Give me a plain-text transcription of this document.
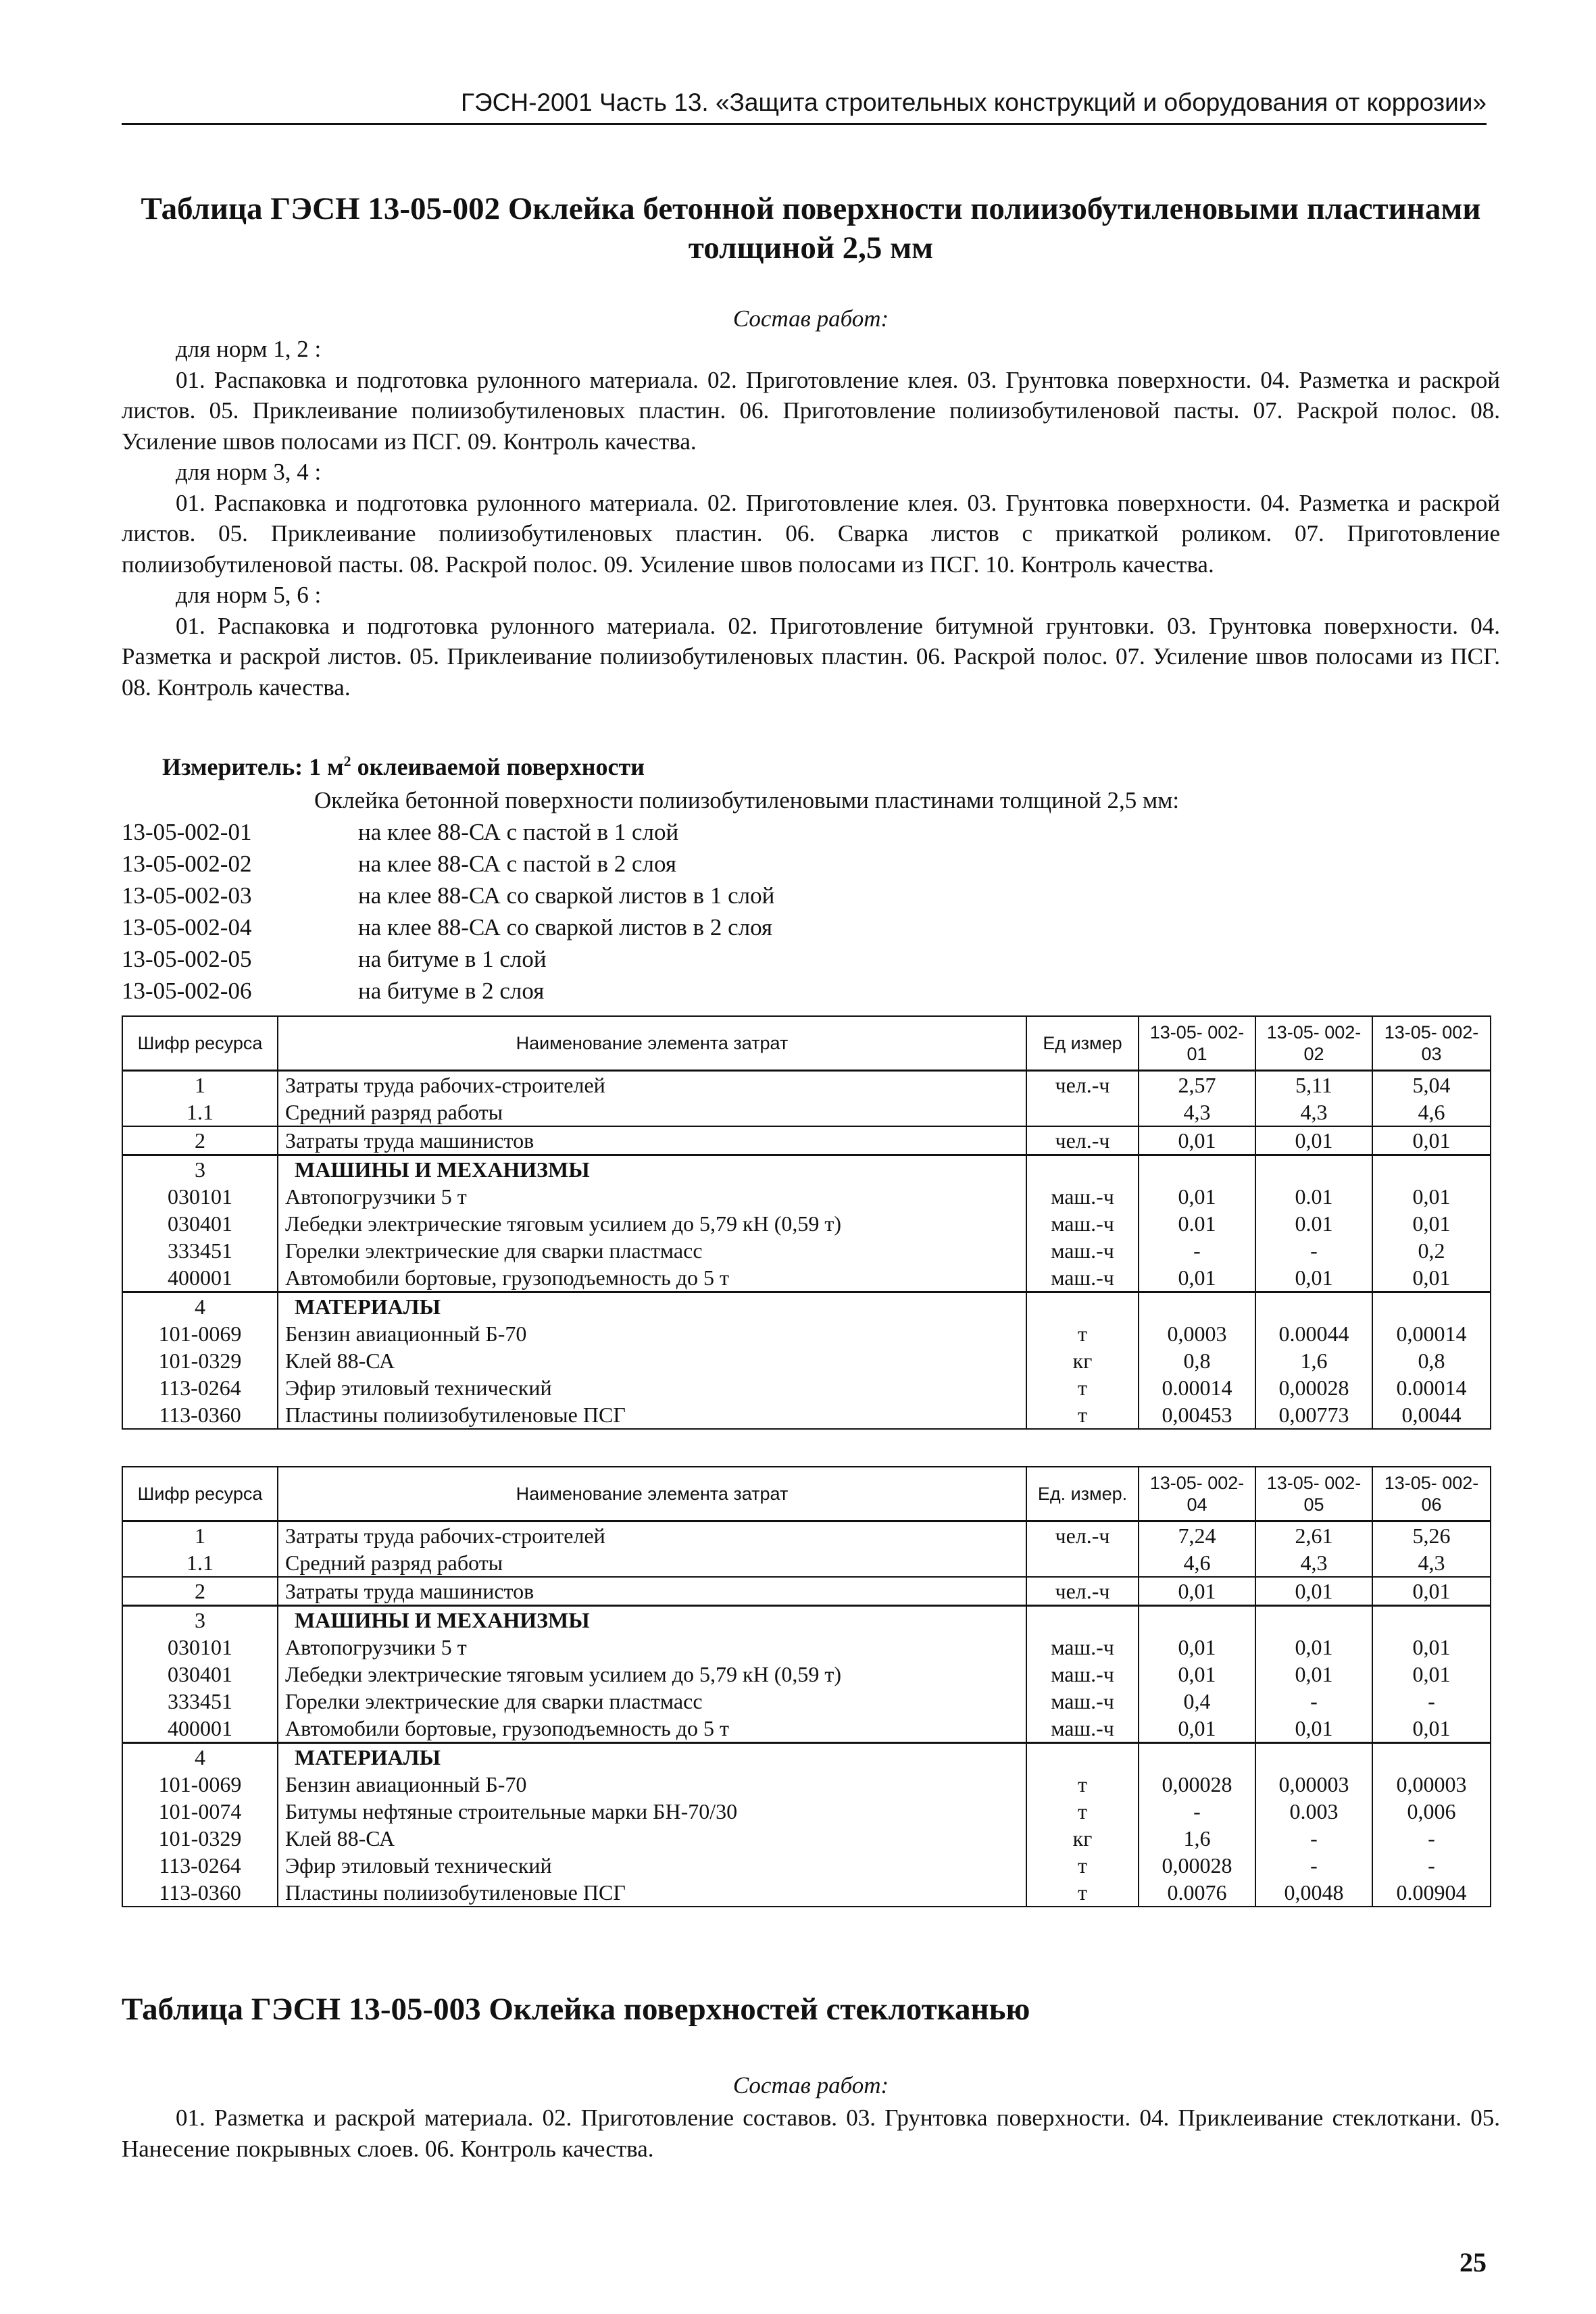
ГЭСН-2001 Часть 13. «Защита строительных конструкций и оборудования от коррозии»
Таблица ГЭСН 13-05-002 Оклейка бетонной поверхности полиизобутиленовыми пластинами толщиной 2,5 мм
Состав работ:

для норм 1, 2 :

01. Распаковка и подготовка рулонного материала. 02. Приготовление клея. 03. Грунтовка поверхности. 04. Разметка и раскрой листов. 05. Приклеивание полиизобутиленовых пластин. 06. Приготовление полиизобутиленовой пасты. 07. Раскрой полос. 08. Усиление швов полосами из ПСГ. 09. Контроль качества.

для норм 3, 4 :

01. Распаковка и подготовка рулонного материала. 02. Приготовление клея. 03. Грунтовка поверхности. 04. Разметка и раскрой листов. 05. Приклеивание полиизобутиленовых пластин. 06. Сварка листов с прикаткой роликом. 07. Приготовление полиизобутиленовой пасты. 08. Раскрой полос. 09. Усиление швов полосами из ПСГ. 10. Контроль качества.

для норм 5, 6 :

01. Распаковка и подготовка рулонного материала. 02. Приготовление битумной грунтовки. 03. Грунтовка поверхности. 04. Разметка и раскрой листов. 05. Приклеивание полиизобутиленовых пластин. 06. Раскрой полос. 07. Усиление швов полосами из ПСГ. 08. Контроль качества.

Измеритель: 1 $м^2$ оклеиваемой поверхности
Оклейка бетонной поверхности полиизобутиленовыми пластинами толщиной 2,5 мм:
13-05-002-01	на клее 88-СА с пастой в 1 слой
13-05-002-02	на клее 88-СА с пастой в 2 слоя
13-05-002-03	на клее 88-СА со сваркой листов в 1 слой
13-05-002-04	на клее 88-СА со сваркой листов в 2 слоя
13-05-002-05	на битуме в 1 слой
13-05-002-06	на битуме в 2 слоя
Шифр ресурса	Наименование элемента затрат	Ед измер	13-05- 002-01	13-05- 002-02	13-05- 002-03
1	Затраты труда рабочих-строителей	чел.-ч	2,57	5,11	5,04
1.1	Средний разряд работы		4,3	4,3	4,6
2	Затраты труда машинистов	чел.-ч	0,01	0,01	0,01
3	МАШИНЫ И МЕХАНИЗМЫ				
030101	Автопогрузчики 5 т	маш.-ч	0,01	0.01	0,01
030401	Лебедки электрические тяговым усилием до 5,79 кН (0,59 т)	маш.-ч	0.01	0.01	0,01
333451	Горелки электрические для сварки пластмасс	маш.-ч	-	-	0,2
400001	Автомобили бортовые, грузоподъемность до 5 т	маш.-ч	0,01	0,01	0,01
4	МАТЕРИАЛЫ				
101-0069	Бензин авиационный Б-70	т	0,0003	0.00044	0,00014
101-0329	Клей 88-СА	кг	0,8	1,6	0,8
113-0264	Эфир этиловый технический	т	0.00014	0,00028	0.00014
113-0360	Пластины полиизобутиленовые ПСГ	т	0,00453	0,00773	0,0044
Шифр ресурса	Наименование элемента затрат	Ед. измер.	13-05- 002-04	13-05- 002-05	13-05- 002-06
1	Затраты труда рабочих-строителей	чел.-ч	7,24	2,61	5,26
1.1	Средний разряд работы		4,6	4,3	4,3
2	Затраты труда машинистов	чел.-ч	0,01	0,01	0,01
3	МАШИНЫ И МЕХАНИЗМЫ				
030101	Автопогрузчики 5 т	маш.-ч	0,01	0,01	0,01
030401	Лебедки электрические тяговым усилием до 5,79 кН (0,59 т)	маш.-ч	0,01	0,01	0,01
333451	Горелки электрические для сварки пластмасс	маш.-ч	0,4	-	-
400001	Автомобили бортовые, грузоподъемность до 5 т	маш.-ч	0,01	0,01	0,01
4	МАТЕРИАЛЫ				
101-0069	Бензин авиационный Б-70	т	0,00028	0,00003	0,00003
101-0074	Битумы нефтяные строительные марки БН-70/30	т	-	0.003	0,006
101-0329	Клей 88-СА	кг	1,6	-	-
113-0264	Эфир этиловый технический	т	0,00028	-	-
113-0360	Пластины полиизобутиленовые ПСГ	т	0.0076	0,0048	0.00904
Таблица ГЭСН 13-05-003 Оклейка поверхностей стеклотканью
Состав работ:

01. Разметка и раскрой материала. 02. Приготовление составов. 03. Грунтовка поверхности. 04. Приклеивание стеклоткани. 05. Нанесение покрывных слоев. 06. Контроль качества.

25
